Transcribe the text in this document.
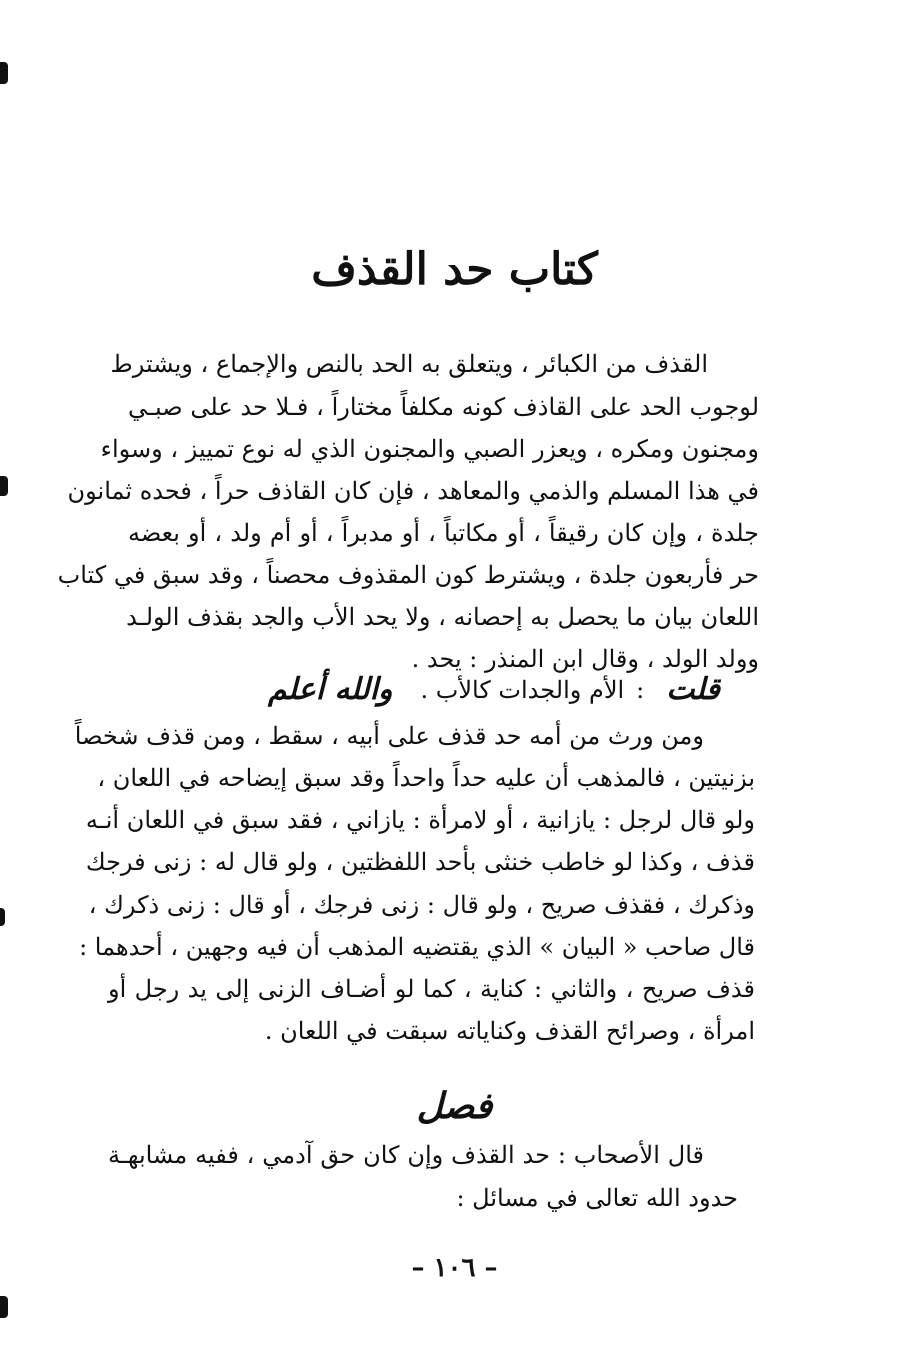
كتاب حد القذف
القذف من الكبائر ، ويتعلق به الحد بالنص والإجماع ، ويشترط
لوجوب الحد على القاذف كونه مكلفاً مختاراً ، فـلا حد على صبـي
ومجنون ومكره ، ويعزر الصبي والمجنون الذي له نوع تمييز ، وسواء
في هذا المسلم والذمي والمعاهد ، فإن كان القاذف حراً ، فحده ثمانون
جلدة ، وإن كان رقيقاً ، أو مكاتباً ، أو مدبراً ، أو أم ولد ، أو بعضه
حر فأربعون جلدة ، ويشترط كون المقذوف محصناً ، وقد سبق في كتاب
اللعان بيان ما يحصل به إحصانه ، ولا يحد الأب والجد بقذف الولـد
وولد الولد ، وقال ابن المنذر : يحد .
قلت:الأم والجدات كالأب .والله أعلم
ومن ورث من أمه حد قذف على أبيه ، سقط ، ومن قذف شخصاً
بزنيتين ، فالمذهب أن عليه حداً واحداً وقد سبق إيضاحه في اللعان ،
ولو قال لرجل : يازانية ، أو لامرأة : يازاني ، فقد سبق في اللعان أنـه
قذف ، وكذا لو خاطب خنثى بأحد اللفظتين ، ولو قال له : زنى فرجك
وذكرك ، فقذف صريح ، ولو قال : زنى فرجك ، أو قال : زنى ذكرك ،
قال صاحب « البيان » الذي يقتضيه المذهب أن فيه وجهين ، أحدهما :
قذف صريح ، والثاني : كناية ، كما لو أضـاف الزنى إلى يد رجل أو
امرأة ، وصرائح القذف وكناياته سبقت في اللعان .
فصل
قال الأصحاب : حد القذف وإن كان حق آدمي ، ففيه مشابهـة
حدود الله تعالى في مسائل :
– ١٠٦ –
